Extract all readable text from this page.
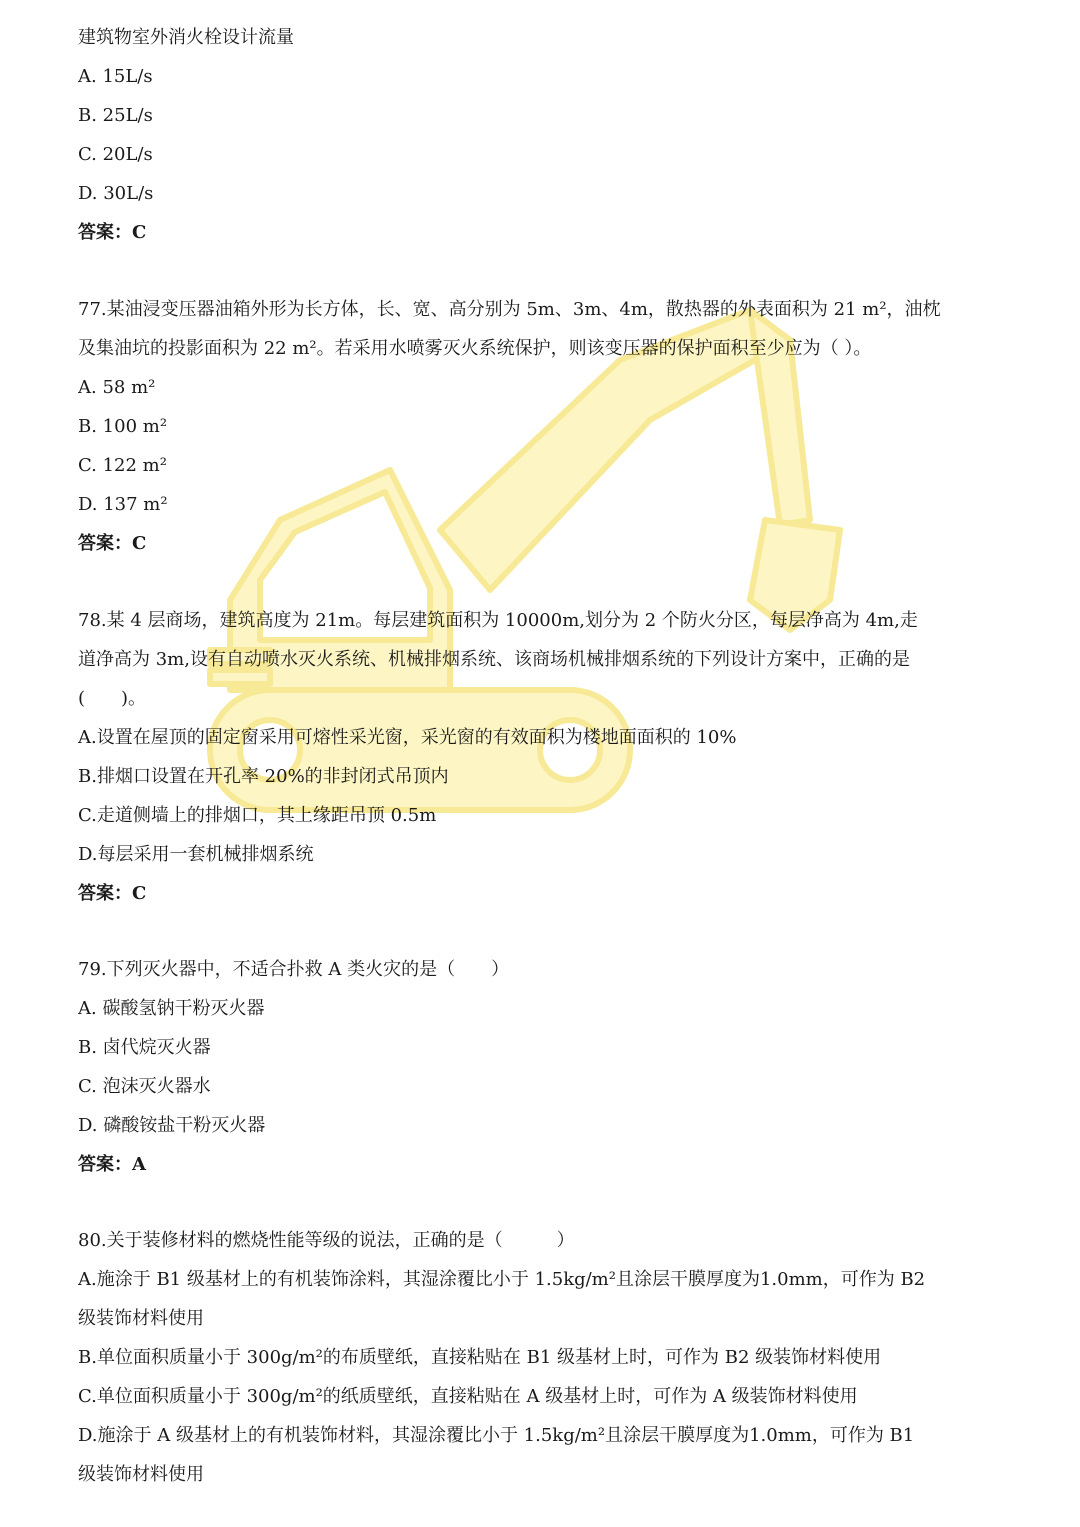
建筑物室外消火栓设计流量
A. 15L/s
B. 25L/s
C. 20L/s
D. 30L/s
答案：C
77.某油浸变压器油箱外形为长方体，长、宽、高分别为 5m、3m、4m，散热器的外表面积为 21 m²，油枕
及集油坑的投影面积为 22 m²。若采用水喷雾灭火系统保护，则该变压器的保护面积至少应为（ ）。
A. 58 m²
B. 100 m²
C. 122 m²
D. 137 m²
答案：C
78.某 4 层商场，建筑高度为 21m。每层建筑面积为 10000m,划分为 2 个防火分区，每层净高为 4m,走
道净高为 3m,设有自动喷水灭火系统、机械排烟系统、该商场机械排烟系统的下列设计方案中，正确的是
(　　)。
A.设置在屋顶的固定窗采用可熔性采光窗，采光窗的有效面积为楼地面面积的 10%
B.排烟口设置在开孔率 20%的非封闭式吊顶内
C.走道侧墙上的排烟口，其上缘距吊顶 0.5m
D.每层采用一套机械排烟系统
答案：C
79.下列灭火器中，不适合扑救 A 类火灾的是（　　）
A. 碳酸氢钠干粉灭火器
B. 卤代烷灭火器
C. 泡沫灭火器水
D. 磷酸铵盐干粉灭火器
答案：A
80.关于装修材料的燃烧性能等级的说法，正确的是（　　　）
A.施涂于 B1 级基材上的有机装饰涂料，其湿涂覆比小于 1.5kg/m²且涂层干膜厚度为1.0mm，可作为 B2
级装饰材料使用
B.单位面积质量小于 300g/m²的布质壁纸，直接粘贴在 B1 级基材上时，可作为 B2 级装饰材料使用
C.单位面积质量小于 300g/m²的纸质壁纸，直接粘贴在 A 级基材上时，可作为 A 级装饰材料使用
D.施涂于 A 级基材上的有机装饰材料，其湿涂覆比小于 1.5kg/m²且涂层干膜厚度为1.0mm，可作为 B1
级装饰材料使用
